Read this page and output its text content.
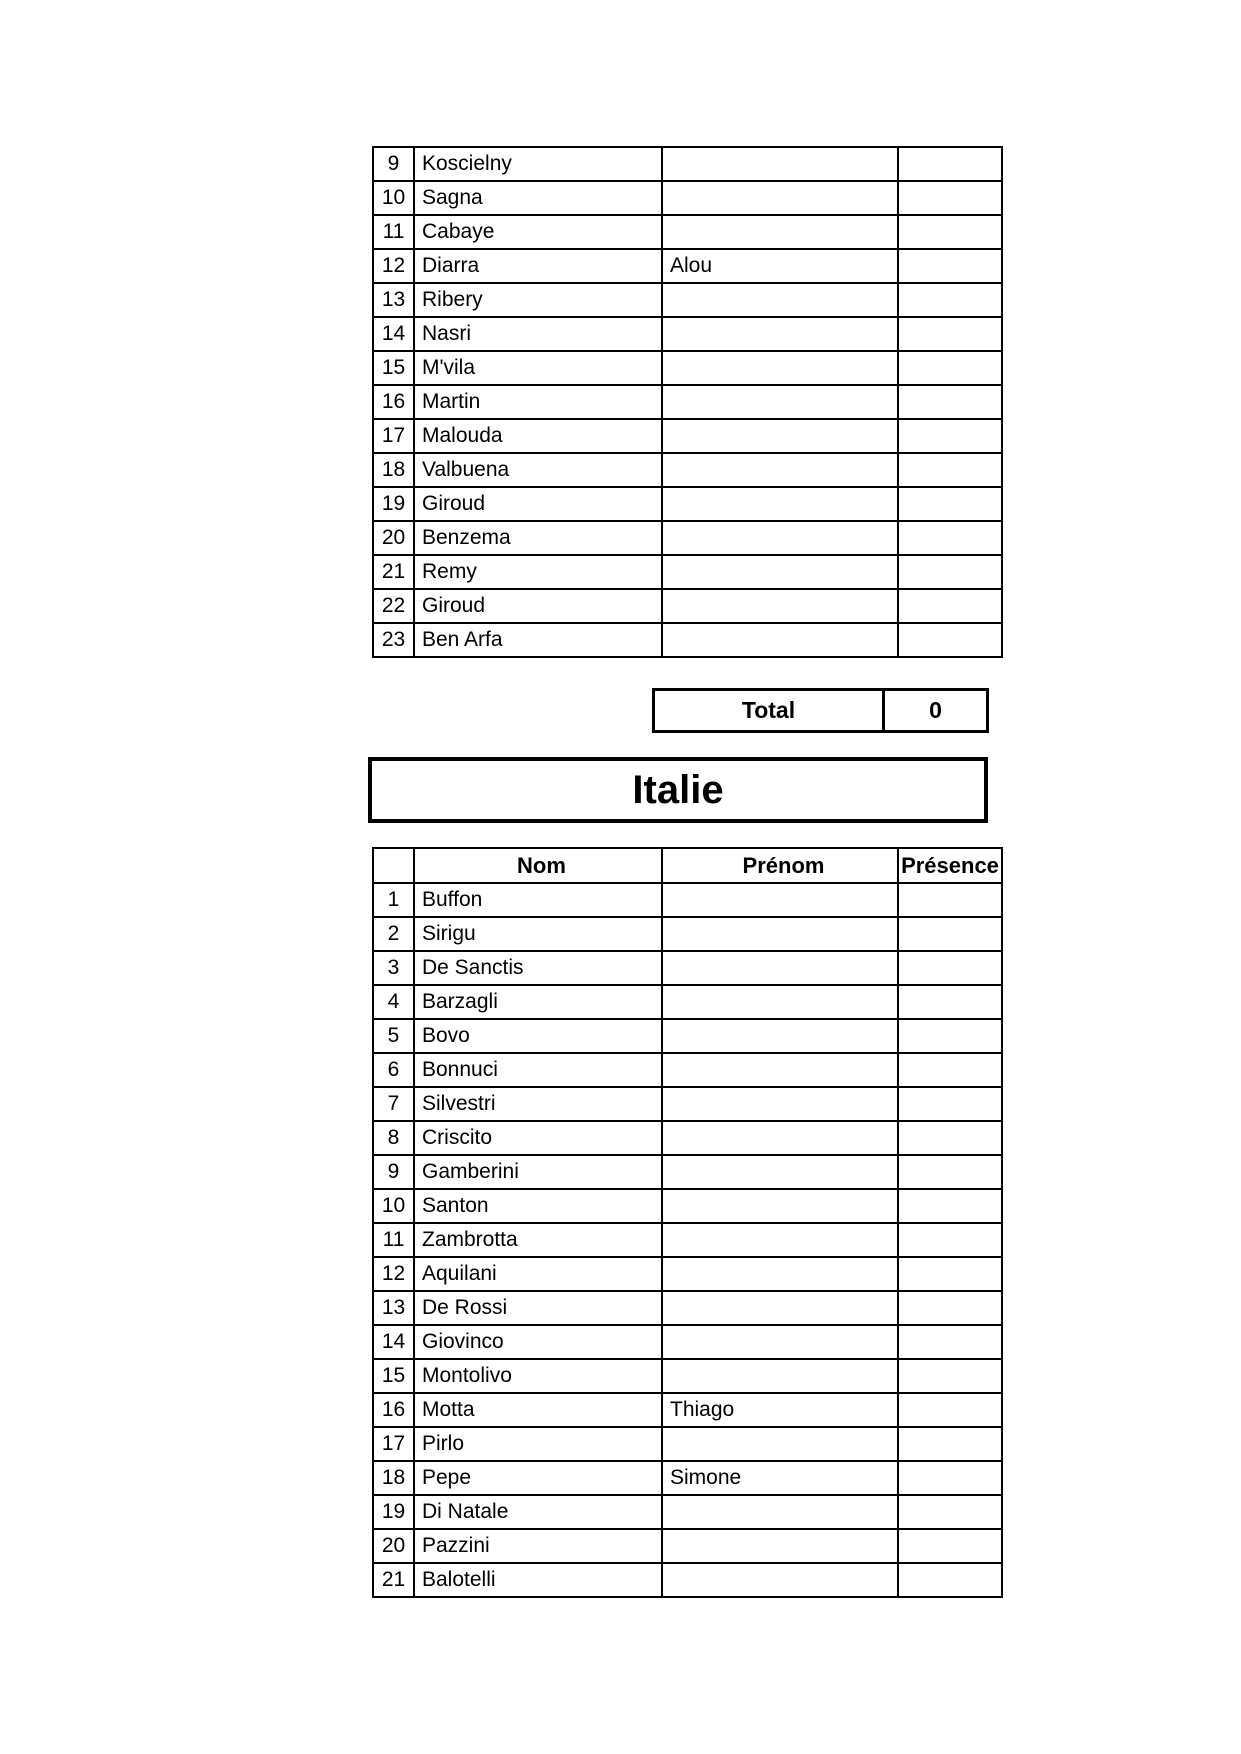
9	Koscielny		
10	Sagna		
11	Cabaye		
12	Diarra	Alou	
13	Ribery		
14	Nasri		
15	M'vila		
16	Martin		
17	Malouda		
18	Valbuena		
19	Giroud		
20	Benzema		
21	Remy		
22	Giroud		
23	Ben Arfa		
Total	0
Italie
	Nom	Prénom	Présence
1	Buffon		
2	Sirigu		
3	De Sanctis		
4	Barzagli		
5	Bovo		
6	Bonnuci		
7	Silvestri		
8	Criscito		
9	Gamberini		
10	Santon		
11	Zambrotta		
12	Aquilani		
13	De Rossi		
14	Giovinco		
15	Montolivo		
16	Motta	Thiago	
17	Pirlo		
18	Pepe	Simone	
19	Di Natale		
20	Pazzini		
21	Balotelli		
